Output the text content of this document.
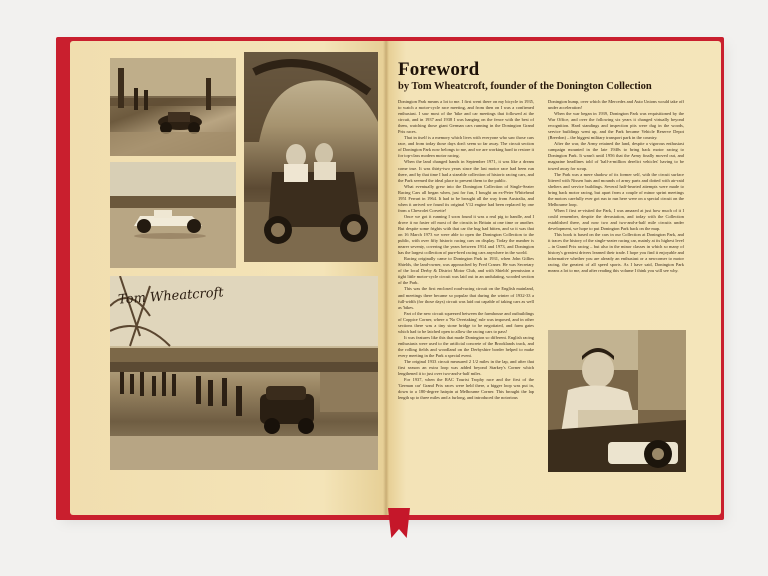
Tom Wheatcroft
Foreword
by Tom Wheatcroft, founder of the Donington Collection

Donington Park means a lot to me. I first went there on my bicycle in 1935, to watch a motor-cycle race meeting, and from then on I was a confirmed enthusiast. I saw most of the 'bike and car meetings that followed at the circuit, and in 1937 and 1938 I was hanging on the fence with the best of them, watching those giant German cars running in the Donington Grand Prix races.

That in itself is a memory which lives with everyone who saw those cars race, and from today those days don't seem so far away. The circuit section of Donington Park now belongs to me, and we are working hard to restore it for top-class modern motor racing.

When the land changed hands in September 1971, it was like a dream come true. It was thirty-two years since the last motor race had been run there, and by that time I had a sizeable collection of historic racing cars, and the Park seemed the ideal place to present them to the public.

What eventually grew into the Donington Collection of Single-Seater Racing Cars all began when, just for fun, I bought an ex-Peter Whitehead 1951 Ferrari in 1964. It had to be brought all the way from Australia, and when it arrived we found its original V12 engine had been replaced by one from a Chevrolet Corvette!

Once we got it running I soon found it was a real pig to handle, and I drove it no faster off most of the circuits in Britain at one time or another. But despite some frights with that car the bug had bitten, and so it was that on 16 March 1973 we were able to open the Donington Collection to the public, with over fifty historic racing cars on display. Today the number is nearer seventy, covering the years between 1914 and 1973, and Donington has the largest collection of pure-bred racing cars anywhere in the world.

Racing originally came to Donington Park in 1931, when John Gillies Shields, the land-owner, was approached by Fred Craner. He was Secretary of the local Derby & District Motor Club, and with Shields' permission a tight little motor-cycle circuit was laid out in an undulating, wooded section of the Park.

This was the first enclosed road-racing circuit on the English mainland, and meetings there became so popular that during the winter of 1932-33 a full-width (for those days) circuit was laid out capable of taking cars as well as 'bikes.

Part of the new circuit squeezed between the farmhouse and outbuildings of Coppice Corner, where a 'No Overtaking' rule was imposed, and in other sections there was a tiny stone bridge to be negotiated, and farm gates which had to be latched open to allow the racing cars to pass!

It was features like this that made Donington so different. English racing enthusiasts were used to the artificial concrete of the Brooklands track, and the rolling fields and woodland on the Derbyshire border helped to make every meeting in the Park a special event.

The original 1933 circuit measured 2 1/2 miles in the lap, and after that first season an extra loop was added beyond Starkey's Corner which lengthened it to just over two-and-a-half miles.

For 1937, when the RAC Tourist Trophy race and the first of the 'German car' Grand Prix races were held there, a bigger loop was put in, down to a 180-degree hairpin at Melbourne Corner. This brought the lap length up to three miles and a furlong, and introduced the notorious

Donington hump, over which the Mercedes and Auto Unions would take off under acceleration!

When the war began in 1939, Donington Park was requisitioned by the War Office, and over the following six years it changed virtually beyond recognition. Hard standings and inspection pits were dug in the woods, service buildings went up, and the Park became Vehicle Reserve Depot (Breedon) – the biggest military transport park in the country.

After the war, the Army retained the land, despite a vigorous enthusiast campaign mounted in the late 1940s to bring back motor racing to Donington Park. It wasn't until 1956 that the Army finally moved out, and magazine headlines told of 'half-a-million derelict vehicles' having to be towed away for scrap.

The Park was a mere shadow of its former self, with the circuit surface littered with Nissen huts and mounds of army parts and dotted with air-raid shelters and service buildings. Several half-hearted attempts were made to bring back motor racing, but apart from a couple of minor sprint meetings the motors carefully ever got run to run here were on a special circuit on the Melbourne loop.

When I first re-visited the Park, I was amazed at just how much of it I could remember, despite the devastation, and today with the Collection established there, and now two and two-and-a-half mile circuits under development, we hope to put Donington Park back on the map.

This book is based on the cars in our Collection at Donington Park, and it traces the history of the single-seater racing car, mainly at its highest level – in Grand Prix racing – but also in the minor classes in which so many of history's greatest drivers learned their trade. I hope you find it enjoyable and informative whether you are already an enthusiast or a newcomer to motor racing, the greatest of all speed sports. As I have said, Donington Park means a lot to me, and after reading this volume I think you will see why.
